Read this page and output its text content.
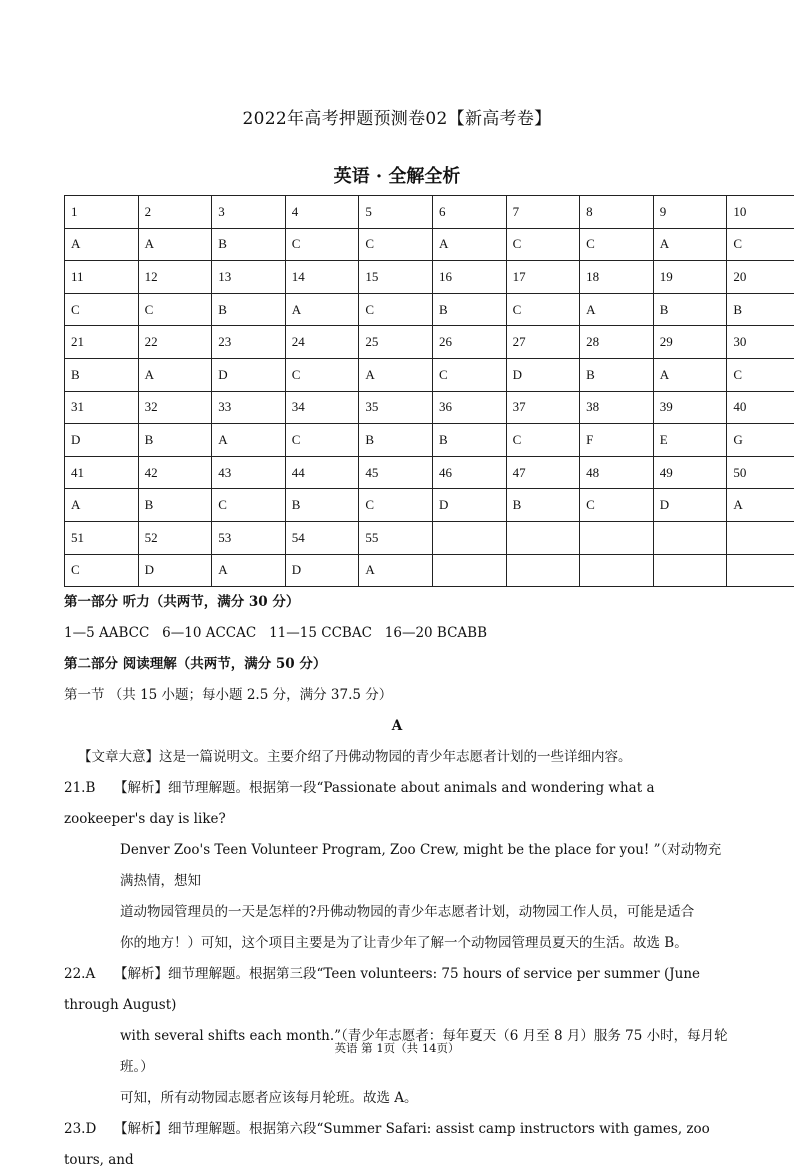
2022年高考押题预测卷02【新高考卷】
英语 · 全解全析
1	2	3	4	5	6	7	8	9	10
A	A	B	C	C	A	C	C	A	C
11	12	13	14	15	16	17	18	19	20
C	C	B	A	C	B	C	A	B	B
21	22	23	24	25	26	27	28	29	30
B	A	D	C	A	C	D	B	A	C
31	32	33	34	35	36	37	38	39	40
D	B	A	C	B	B	C	F	E	G
41	42	43	44	45	46	47	48	49	50
A	B	C	B	C	D	B	C	D	A
51	52	53	54	55					
C	D	A	D	A					
第一部分 听力（共两节，满分 30 分）
1—5 AABCC   6—10 ACCAC   11—15 CCBAC   16—20 BCABB
第二部分 阅读理解（共两节，满分 50 分）
第一节 （共 15 小题；每小题 2.5 分，满分 37.5 分）
A
【文章大意】这是一篇说明文。主要介绍了丹佛动物园的青少年志愿者计划的一些详细内容。
21.B 【解析】细节理解题。根据第一段“Passionate about animals and wondering what a zookeeper's day is like?
Denver Zoo's Teen Volunteer Program, Zoo Crew, might be the place for you! ”（对动物充满热情，想知
道动物园管理员的一天是怎样的?丹佛动物园的青少年志愿者计划，动物园工作人员，可能是适合
你的地方！）可知，这个项目主要是为了让青少年了解一个动物园管理员夏天的生活。故选 B。
22.A 【解析】细节理解题。根据第三段“Teen volunteers: 75 hours of service per summer (June through August)
with several shifts each month.”（青少年志愿者：每年夏天（6 月至 8 月）服务 75 小时，每月轮班。）
可知，所有动物园志愿者应该每月轮班。故选 A。
23.D 【解析】细节理解题。根据第六段“Summer Safari: assist camp instructors with games, zoo tours, and
英语 第 1页（共 14页）
